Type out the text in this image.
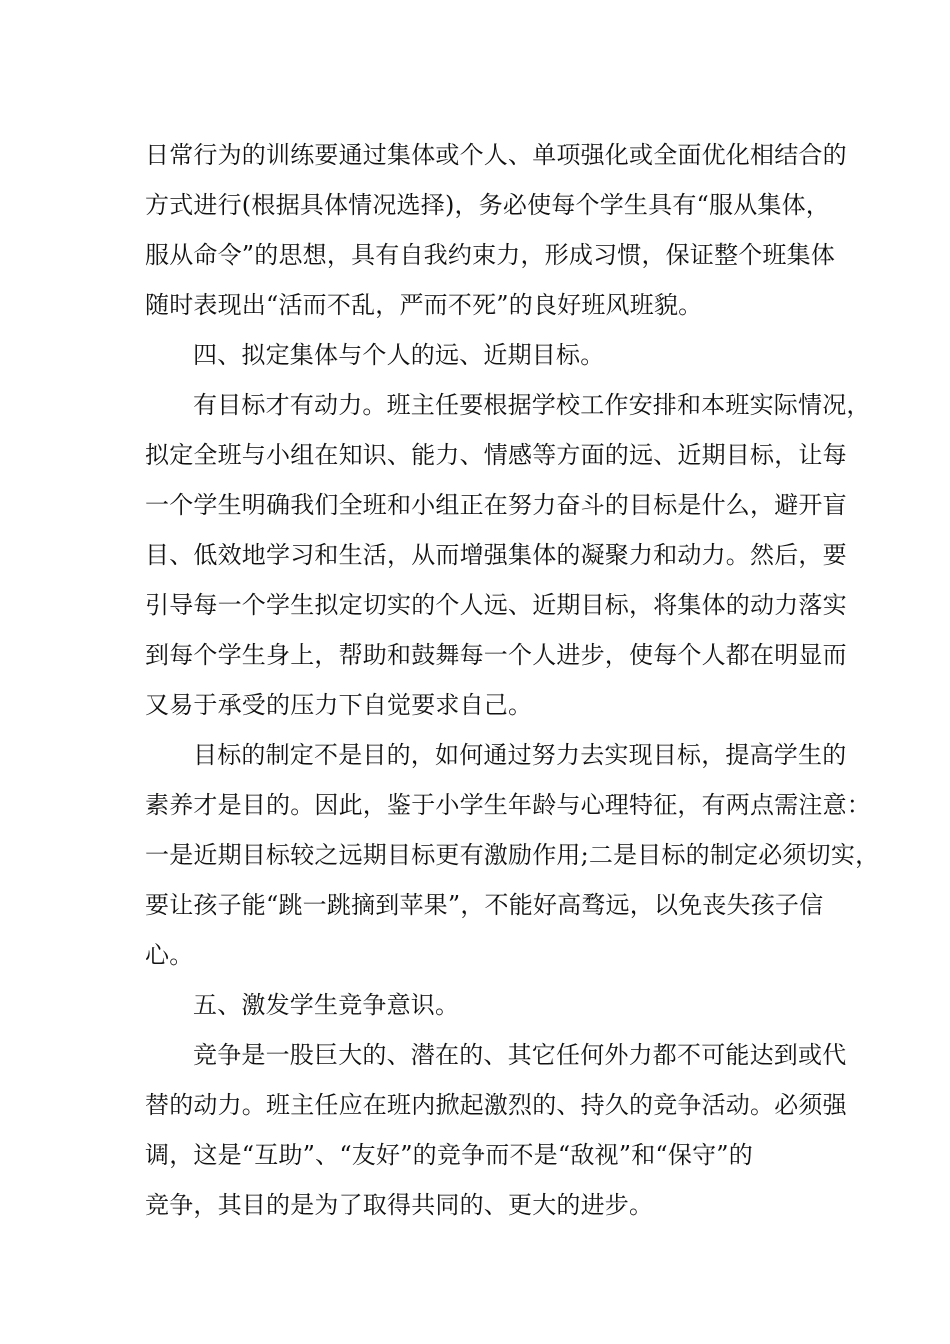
日常行为的训练要通过集体或个人、单项强化或全面优化相结合的
方式进行(根据具体情况选择)，务必使每个学生具有“服从集体，
服从命令”的思想，具有自我约束力，形成习惯，保证整个班集体
随时表现出“活而不乱，严而不死”的良好班风班貌。
四、拟定集体与个人的远、近期目标。
有目标才有动力。班主任要根据学校工作安排和本班实际情况，
拟定全班与小组在知识、能力、情感等方面的远、近期目标，让每
一个学生明确我们全班和小组正在努力奋斗的目标是什么，避开盲
目、低效地学习和生活，从而增强集体的凝聚力和动力。然后，要
引导每一个学生拟定切实的个人远、近期目标，将集体的动力落实
到每个学生身上，帮助和鼓舞每一个人进步，使每个人都在明显而
又易于承受的压力下自觉要求自己。
目标的制定不是目的，如何通过努力去实现目标，提高学生的
素养才是目的。因此，鉴于小学生年龄与心理特征，有两点需注意：
一是近期目标较之远期目标更有激励作用;二是目标的制定必须切实，
要让孩子能“跳一跳摘到苹果”，不能好高骛远，以免丧失孩子信
心。
五、激发学生竞争意识。
竞争是一股巨大的、潜在的、其它任何外力都不可能达到或代
替的动力。班主任应在班内掀起激烈的、持久的竞争活动。必须强
调，这是“互助”、“友好”的竞争而不是“敌视”和“保守”的
竞争，其目的是为了取得共同的、更大的进步。
